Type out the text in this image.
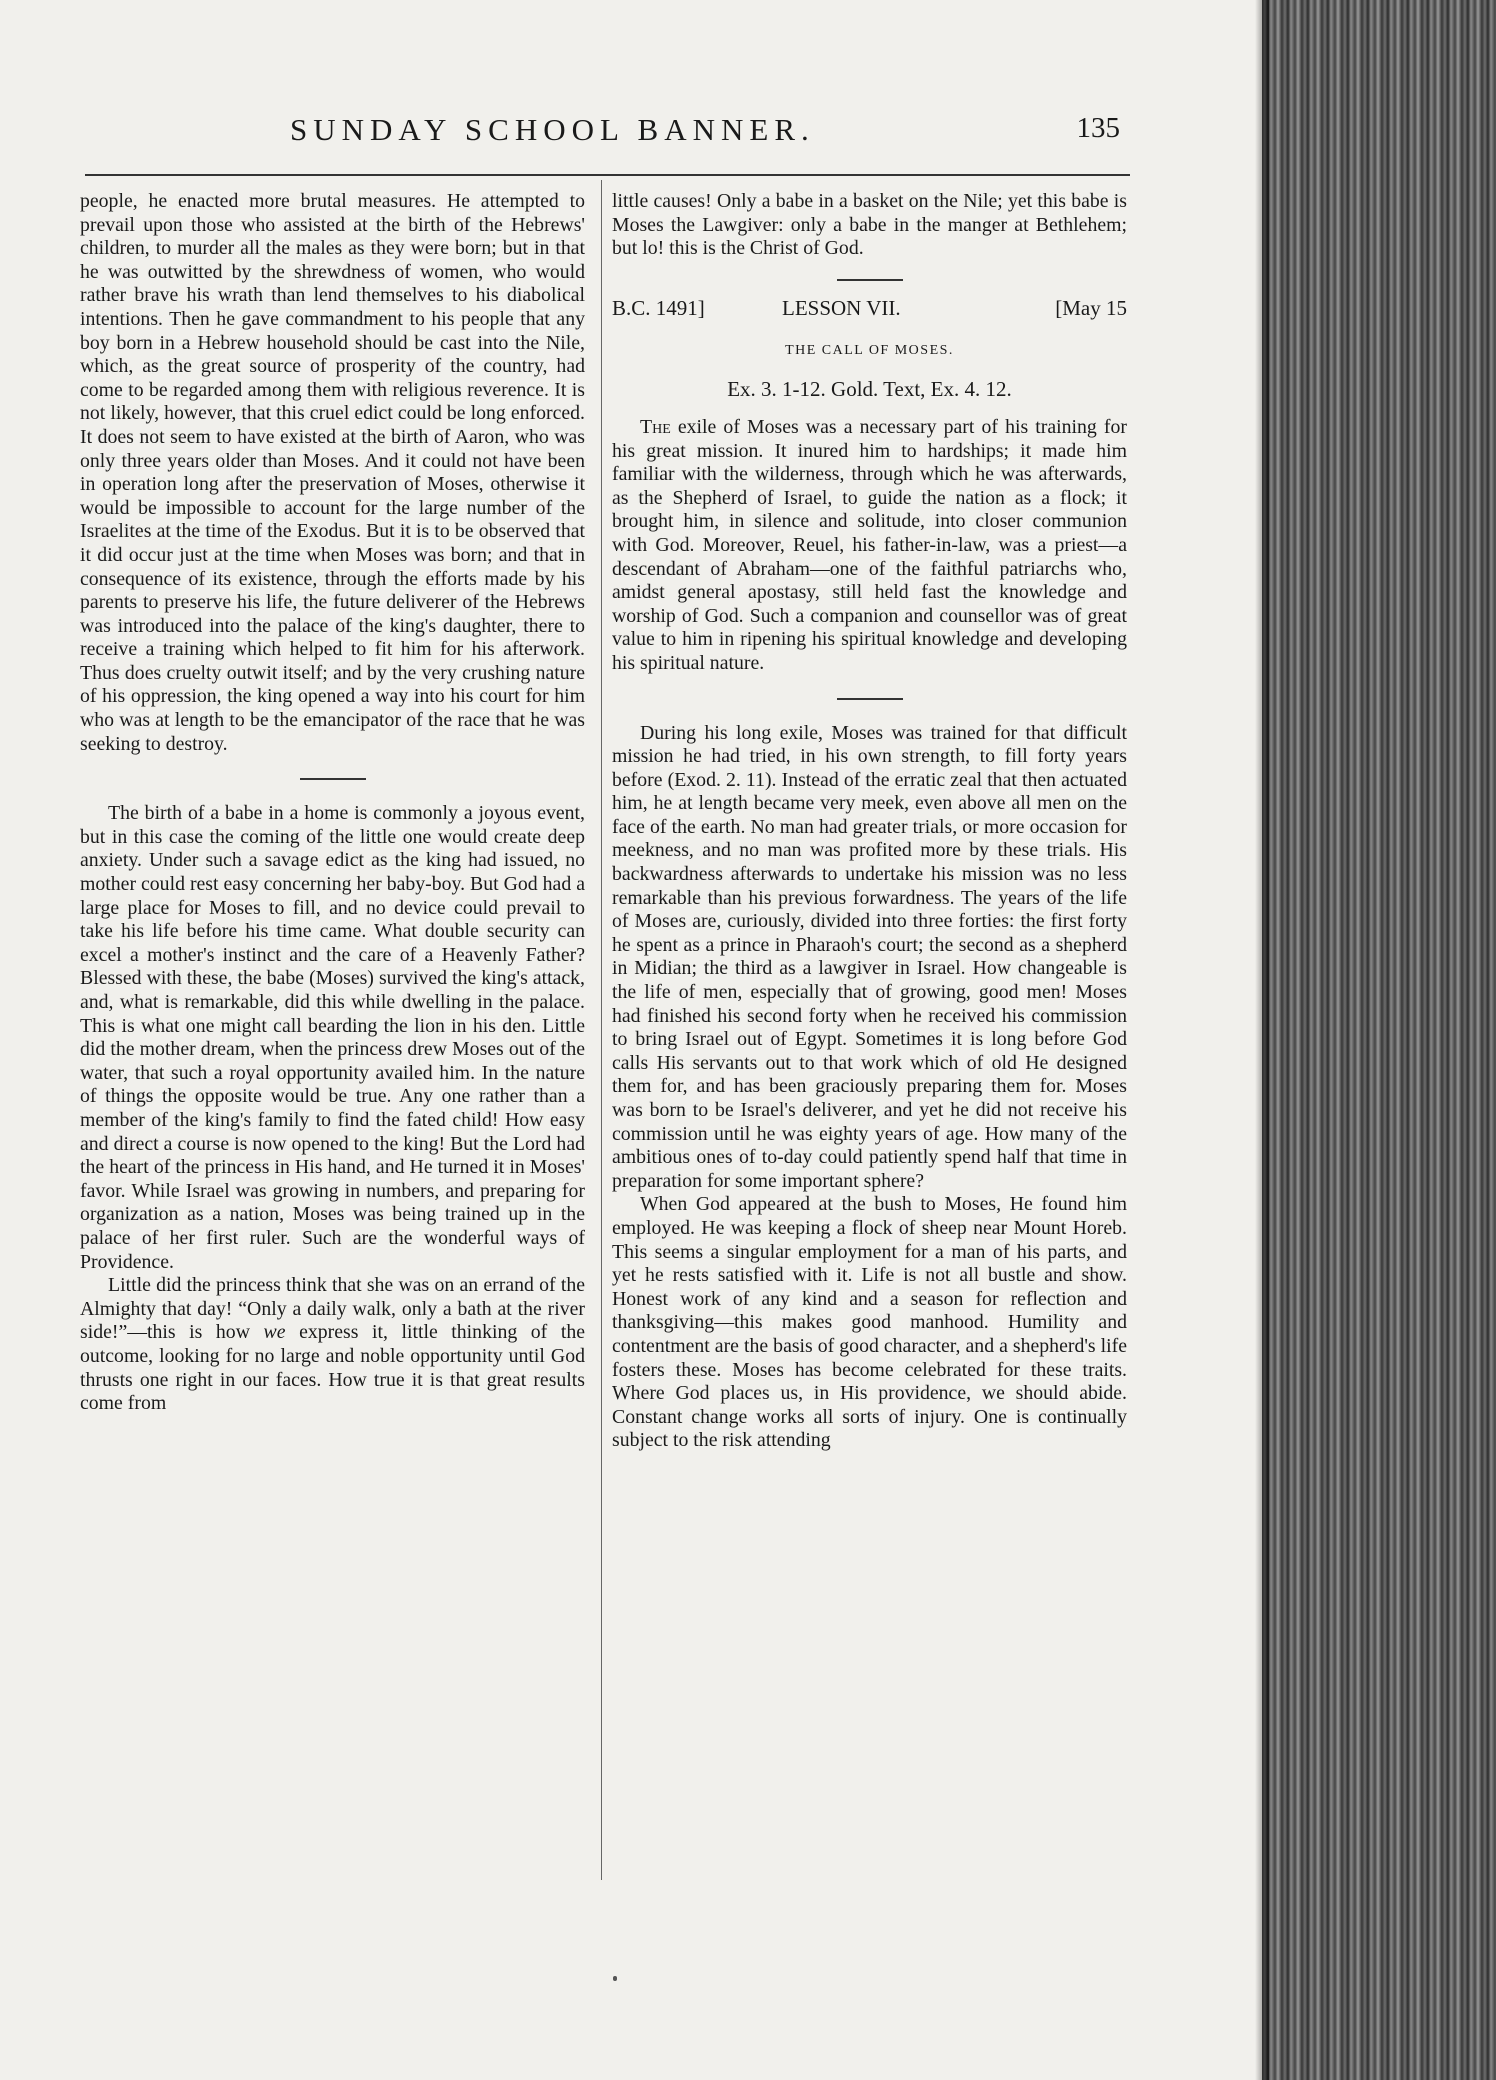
SUNDAY SCHOOL BANNER.	135

people, he enacted more brutal measures. He attempted to prevail upon those who assisted at the birth of the Hebrews' children, to murder all the males as they were born; but in that he was outwitted by the shrewdness of women, who would rather brave his wrath than lend themselves to his diabolical intentions. Then he gave commandment to his people that any boy born in a Hebrew household should be cast into the Nile, which, as the great source of prosperity of the country, had come to be regarded among them with religious reverence. It is not likely, however, that this cruel edict could be long enforced. It does not seem to have existed at the birth of Aaron, who was only three years older than Moses. And it could not have been in operation long after the preservation of Moses, otherwise it would be impossible to account for the large number of the Israelites at the time of the Exodus. But it is to be observed that it did occur just at the time when Moses was born; and that in consequence of its existence, through the efforts made by his parents to preserve his life, the future deliverer of the Hebrews was introduced into the palace of the king's daughter, there to receive a training which helped to fit him for his afterwork. Thus does cruelty outwit itself; and by the very crushing nature of his oppression, the king opened a way into his court for him who was at length to be the emancipator of the race that he was seeking to destroy.

The birth of a babe in a home is commonly a joyous event, but in this case the coming of the little one would create deep anxiety. Under such a savage edict as the king had issued, no mother could rest easy concerning her baby-boy. But God had a large place for Moses to fill, and no device could prevail to take his life before his time came. What double security can excel a mother's instinct and the care of a Heavenly Father? Blessed with these, the babe (Moses) survived the king's attack, and, what is remarkable, did this while dwelling in the palace. This is what one might call bearding the lion in his den. Little did the mother dream, when the princess drew Moses out of the water, that such a royal opportunity availed him. In the nature of things the opposite would be true. Any one rather than a member of the king's family to find the fated child! How easy and direct a course is now opened to the king! But the Lord had the heart of the princess in His hand, and He turned it in Moses' favor. While Israel was growing in numbers, and preparing for organization as a nation, Moses was being trained up in the palace of her first ruler. Such are the wonderful ways of Providence.

Little did the princess think that she was on an errand of the Almighty that day! “Only a daily walk, only a bath at the river side!”—this is how we express it, little thinking of the outcome, looking for no large and noble opportunity until God thrusts one right in our faces. How true it is that great results come from

little causes! Only a babe in a basket on the Nile; yet this babe is Moses the Lawgiver: only a babe in the manger at Bethlehem; but lo! this is the Christ of God.

B.C. 1491]	LESSON VII.	[May 15
THE CALL OF MOSES.
Ex. 3. 1-12. Gold. Text, Ex. 4. 12.

The exile of Moses was a necessary part of his training for his great mission. It inured him to hardships; it made him familiar with the wilderness, through which he was afterwards, as the Shepherd of Israel, to guide the nation as a flock; it brought him, in silence and solitude, into closer communion with God. Moreover, Reuel, his father-in-law, was a priest—a descendant of Abraham—one of the faithful patriarchs who, amidst general apostasy, still held fast the knowledge and worship of God. Such a companion and counsellor was of great value to him in ripening his spiritual knowledge and developing his spiritual nature.

During his long exile, Moses was trained for that difficult mission he had tried, in his own strength, to fill forty years before (Exod. 2. 11). Instead of the erratic zeal that then actuated him, he at length became very meek, even above all men on the face of the earth. No man had greater trials, or more occasion for meekness, and no man was profited more by these trials. His backwardness afterwards to undertake his mission was no less remarkable than his previous forwardness. The years of the life of Moses are, curiously, divided into three forties: the first forty he spent as a prince in Pharaoh's court; the second as a shepherd in Midian; the third as a lawgiver in Israel. How changeable is the life of men, especially that of growing, good men! Moses had finished his second forty when he received his commission to bring Israel out of Egypt. Sometimes it is long before God calls His servants out to that work which of old He designed them for, and has been graciously preparing them for. Moses was born to be Israel's deliverer, and yet he did not receive his commission until he was eighty years of age. How many of the ambitious ones of to-day could patiently spend half that time in preparation for some important sphere?

When God appeared at the bush to Moses, He found him employed. He was keeping a flock of sheep near Mount Horeb. This seems a singular employment for a man of his parts, and yet he rests satisfied with it. Life is not all bustle and show. Honest work of any kind and a season for reflection and thanksgiving—this makes good manhood. Humility and contentment are the basis of good character, and a shepherd's life fosters these. Moses has become celebrated for these traits. Where God places us, in His providence, we should abide. Constant change works all sorts of injury. One is continually subject to the risk attending
